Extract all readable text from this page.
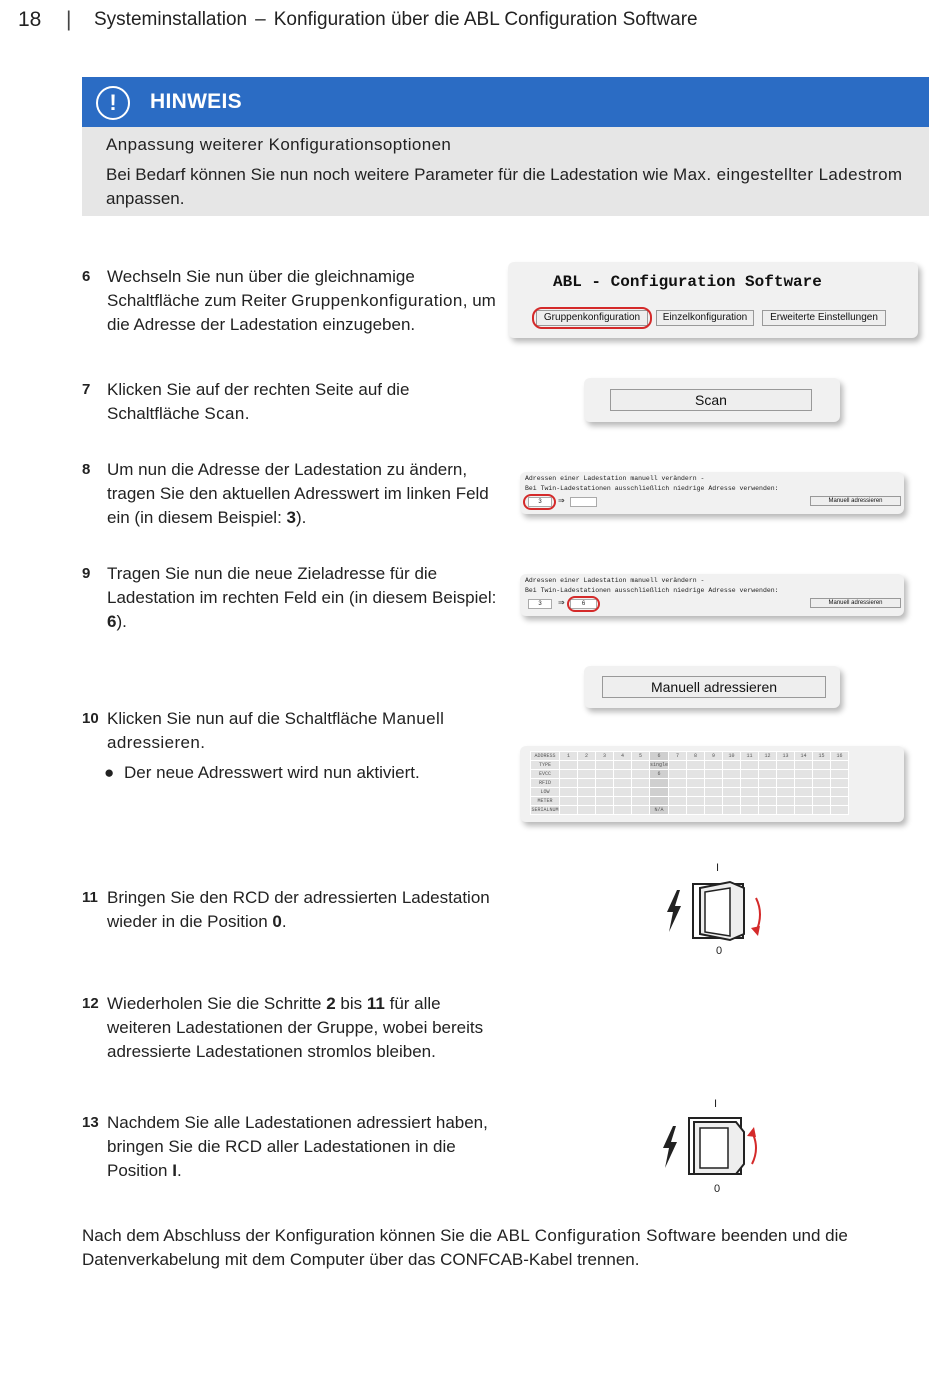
18 | Systeminstallation – Konfiguration über die ABL Configuration Software
!	HINWEIS
Anpassung weiterer Konfigurationsoptionen
Bei Bedarf können Sie nun noch weitere Parameter für die Ladestation wie Max. eingestellter Ladestrom anpassen.
6 Wechseln Sie nun über die gleichnamige Schaltfläche zum Reiter Gruppenkonfiguration, um die Adresse der Ladestation einzugeben.
ABL - Configuration Software
Gruppenkonfiguration	Einzelkonfiguration	Erweiterte Einstellungen
7 Klicken Sie auf der rechten Seite auf die Schaltfläche Scan.
Scan
8 Um nun die Adresse der Ladestation zu ändern, tragen Sie den aktuellen Adresswert im linken Feld ein (in diesem Beispiel: 3).
Adressen einer Ladestation manuell verändern -
Bei Twin-Ladestationen ausschließlich niedrige Adresse verwenden:
3	⇒	Manuell adressieren
9 Tragen Sie nun die neue Zieladresse für die Ladestation im rechten Feld ein (in diesem Beispiel: 6).
Adressen einer Ladestation manuell verändern -
Bei Twin-Ladestationen ausschließlich niedrige Adresse verwenden:
3	⇒	6	Manuell adressieren
Manuell adressieren
10 Klicken Sie nun auf die Schaltfläche Manuell adressieren.
● Der neue Adresswert wird nun aktiviert.
ADDRESS	1	2	3	4	5	6	7	8	9	10	11	12	13	14	15	16
TYPE						single										
EVCC						6										
RFID																
LOW																
METER																
SERIALNUM						N/A										
11 Bringen Sie den RCD der adressierten Ladestation wieder in die Position 0.
I
0
12 Wiederholen Sie die Schritte 2 bis 11 für alle weiteren Ladestationen der Gruppe, wobei bereits adressierte Ladestationen stromlos bleiben.
13 Nachdem Sie alle Ladestationen adressiert haben, bringen Sie die RCD aller Ladestationen in die Position I.
I
0
Nach dem Abschluss der Konfiguration können Sie die ABL Configuration Software beenden und die Datenverkabelung mit dem Computer über das CONFCAB-Kabel trennen.
